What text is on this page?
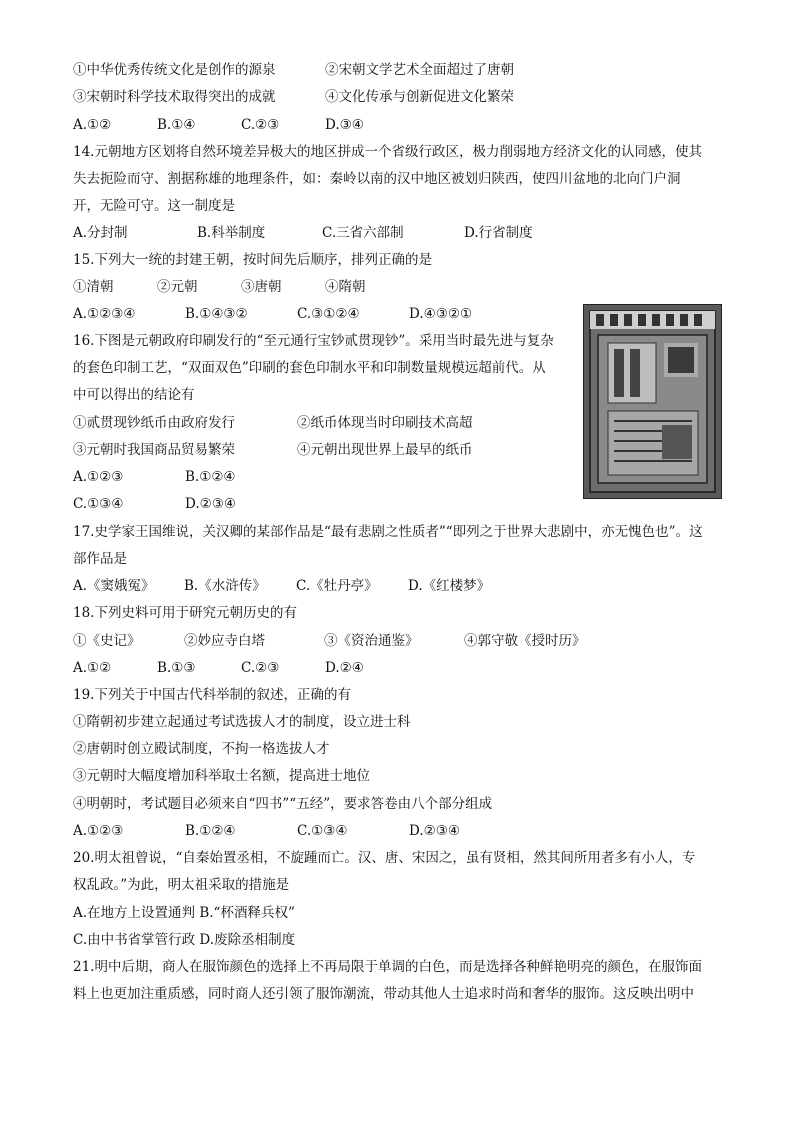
①中华优秀传统文化是创作的源泉	②宋朝文学艺术全面超过了唐朝
③宋朝时科学技术取得突出的成就	④文化传承与创新促进文化繁荣
A.①②	B.①④	C.②③	D.③④
14.元朝地方区划将自然环境差异极大的地区拼成一个省级行政区，极力削弱地方经济文化的认同感，使其
失去扼险而守、割据称雄的地理条件，如：秦岭以南的汉中地区被划归陕西，使四川盆地的北向门户洞
开，无险可守。这一制度是
A.分封制	B.科举制度	C.三省六部制	D.行省制度
15.下列大一统的封建王朝，按时间先后顺序，排列正确的是
①清朝	②元朝	③唐朝	④隋朝
A.①②③④	B.①④③②	C.③①②④	D.④③②①
16.下图是元朝政府印刷发行的“至元通行宝钞贰贯现钞”。采用当时最先进与复杂
的套色印制工艺，“双面双色”印刷的套色印制水平和印制数量规模远超前代。从
中可以得出的结论有
①贰贯现钞纸币由政府发行	②纸币体现当时印刷技术高超
③元朝时我国商品贸易繁荣	④元朝出现世界上最早的纸币
A.①②③	B.①②④
C.①③④	D.②③④
17.史学家王国维说，关汉卿的某部作品是“最有悲剧之性质者”“即列之于世界大悲剧中，亦无愧色也”。这
部作品是
A.《窦娥冤》 B.《水浒传》 C.《牡丹亭》 D.《红楼梦》
18.下列史料可用于研究元朝历史的有
①《史记》	②妙应寺白塔	③《资治通鉴》	④郭守敬《授时历》
A.①②	B.①③	C.②③	D.②④
19.下列关于中国古代科举制的叙述，正确的有
①隋朝初步建立起通过考试选拔人才的制度，设立进士科
②唐朝时创立殿试制度，不拘一格选拔人才
③元朝时大幅度增加科举取士名额，提高进士地位
④明朝时，考试题目必须来自“四书”“五经”，要求答卷由八个部分组成
A.①②③	B.①②④	C.①③④	D.②③④
20.明太祖曾说，“自秦始置丞相，不旋踵而亡。汉、唐、宋因之，虽有贤相，然其间所用者多有小人，专
权乱政。”为此，明太祖采取的措施是
A.在地方上设置通判 B.“杯酒释兵权”
C.由中书省掌管行政 D.废除丞相制度
21.明中后期，商人在服饰颜色的选择上不再局限于单调的白色，而是选择各种鲜艳明亮的颜色，在服饰面
料上也更加注重质感，同时商人还引领了服饰潮流，带动其他人士追求时尚和奢华的服饰。这反映出明中
